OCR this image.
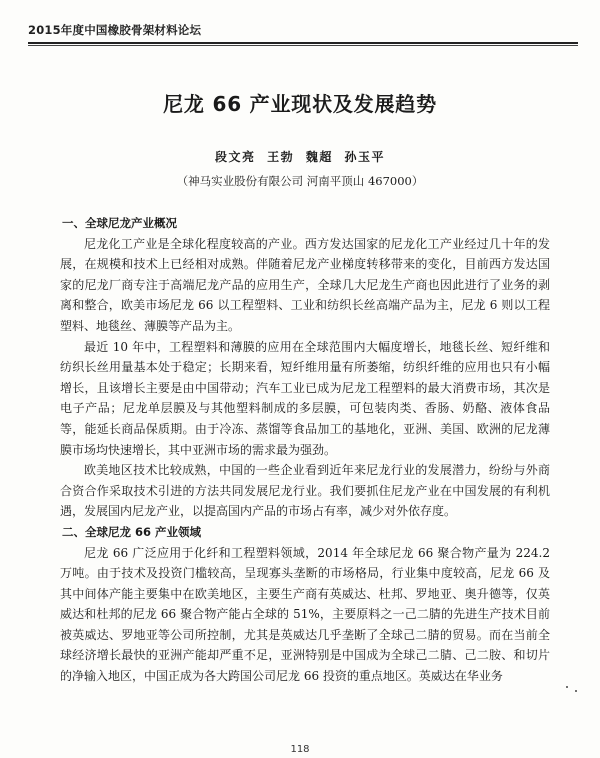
2015年度中国橡胶骨架材料论坛
尼龙 66 产业现状及发展趋势
段文亮 王勃 魏超 孙玉平
（神马实业股份有限公司 河南平顶山 467000）
一、全球尼龙产业概况

尼龙化工产业是全球化程度较高的产业。西方发达国家的尼龙化工产业经过几十年的发展，在规模和技术上已经相对成熟。伴随着尼龙产业梯度转移带来的变化，目前西方发达国家的尼龙厂商专注于高端尼龙产品的应用生产，全球几大尼龙生产商也因此进行了业务的剥离和整合，欧美市场尼龙 66 以工程塑料、工业和纺织长丝高端产品为主，尼龙 6 则以工程塑料、地毯丝、薄膜等产品为主。

最近 10 年中，工程塑料和薄膜的应用在全球范围内大幅度增长，地毯长丝、短纤维和纺织长丝用量基本处于稳定；长期来看，短纤维用量有所萎缩，纺织纤维的应用也只有小幅增长，且该增长主要是由中国带动；汽车工业已成为尼龙工程塑料的最大消费市场，其次是电子产品；尼龙单层膜及与其他塑料制成的多层膜，可包装肉类、香肠、奶酪、液体食品等，能延长商品保质期。由于冷冻、蒸馏等食品加工的基地化，亚洲、美国、欧洲的尼龙薄膜市场均快速增长，其中亚洲市场的需求最为强劲。

欧美地区技术比较成熟，中国的一些企业看到近年来尼龙行业的发展潜力，纷纷与外商合资合作采取技术引进的方法共同发展尼龙行业。我们要抓住尼龙产业在中国发展的有利机遇，发展国内尼龙产业，以提高国内产品的市场占有率，减少对外依存度。

二、全球尼龙 66 产业领域

尼龙 66 广泛应用于化纤和工程塑料领域，2014 年全球尼龙 66 聚合物产量为 224.2 万吨。由于技术及投资门槛较高，呈现寡头垄断的市场格局，行业集中度较高，尼龙 66 及其中间体产能主要集中在欧美地区，主要生产商有英威达、杜邦、罗地亚、奥升德等，仅英威达和杜邦的尼龙 66 聚合物产能占全球的 51%，主要原料之一己二腈的先进生产技术目前被英威达、罗地亚等公司所控制，尤其是英威达几乎垄断了全球己二腈的贸易。而在当前全球经济增长最快的亚洲产能却严重不足，亚洲特别是中国成为全球己二腈、己二胺、和切片的净输入地区，中国正成为各大跨国公司尼龙 66 投资的重点地区。英威达在华业务

118
